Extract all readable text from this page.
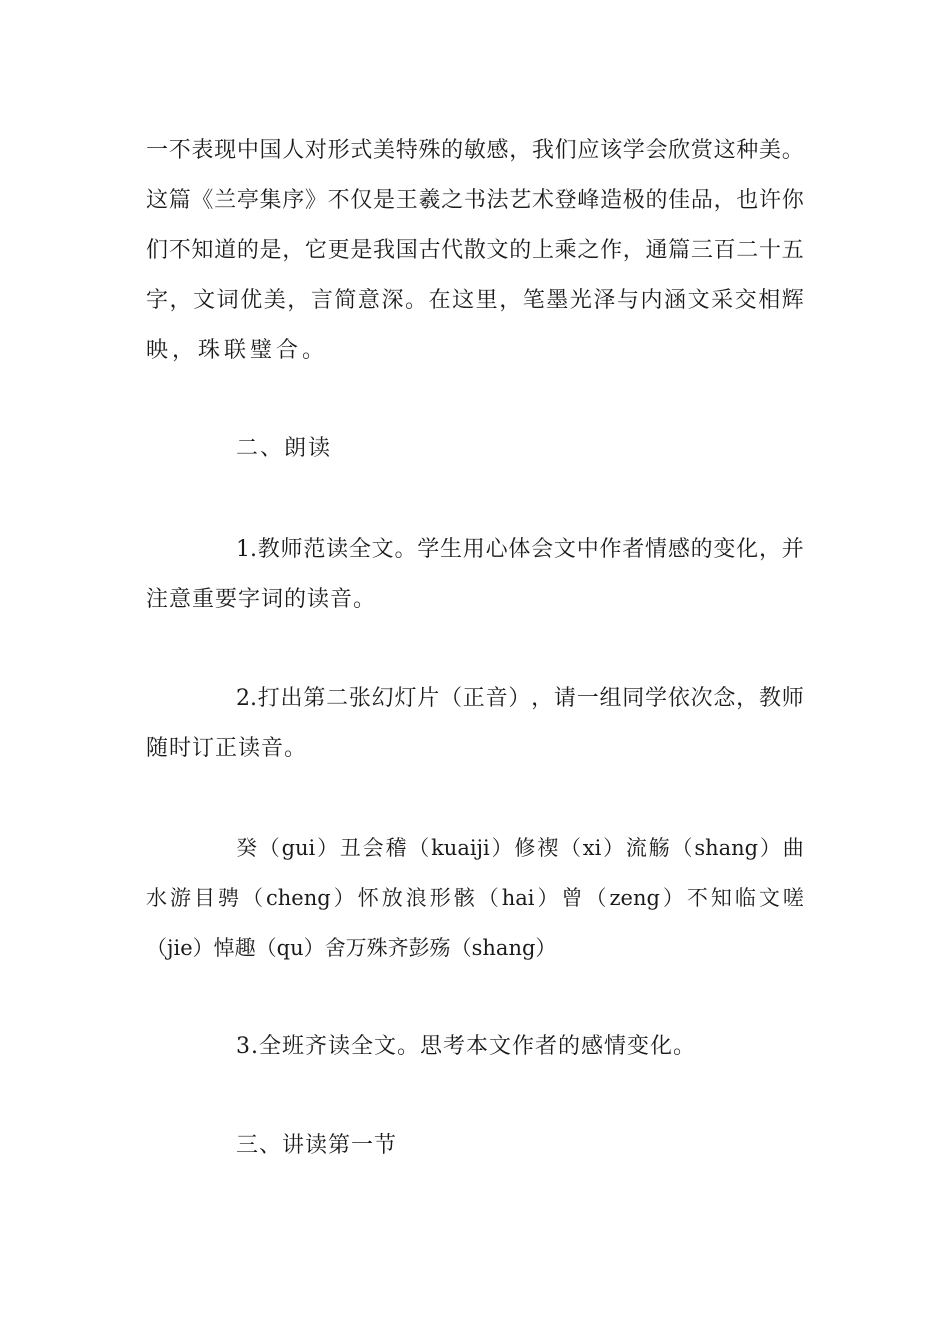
一 不 表 现 中 国 人 对 形 式 美 特 殊 的 敏 感 ， 我 们 应 该 学 会 欣 赏 这 种 美 。
这 篇 《 兰 亭 集 序 》 不 仅 是 王 羲 之 书 法 艺 术 登 峰 造 极 的 佳 品 ， 也 许 你
们 不 知 道 的 是 ， 它 更 是 我 国 古 代 散 文 的 上 乘 之 作 ， 通 篇 三 百 二 十 五
字 ， 文 词 优 美 ， 言 简 意 深 。 在 这 里 ， 笔 墨 光 泽 与 内 涵 文 采 交 相 辉
映，珠联璧合。
二、朗读
1. 教 师 范 读 全 文 。 学 生 用 心 体 会 文 中 作 者 情 感 的 变 化 ， 并
注意重要字词的读音。
2. 打 出 第 二 张 幻 灯 片 （ 正 音 ） ， 请 一 组 同 学 依 次 念 ， 教 师
随时订正读音。
癸 （ gui ） 丑 会 稽 （ kuaiji ） 修 禊 （ xi ） 流 觞 （ shang ） 曲
水 游 目 骋 （ cheng ） 怀 放 浪 形 骸 （ hai ） 曾 （ zeng ） 不 知 临 文 嗟
（jie）悼趣（qu）舍万殊齐彭殇（shang）
3.全班齐读全文。思考本文作者的感情变化。
三、讲读第一节
